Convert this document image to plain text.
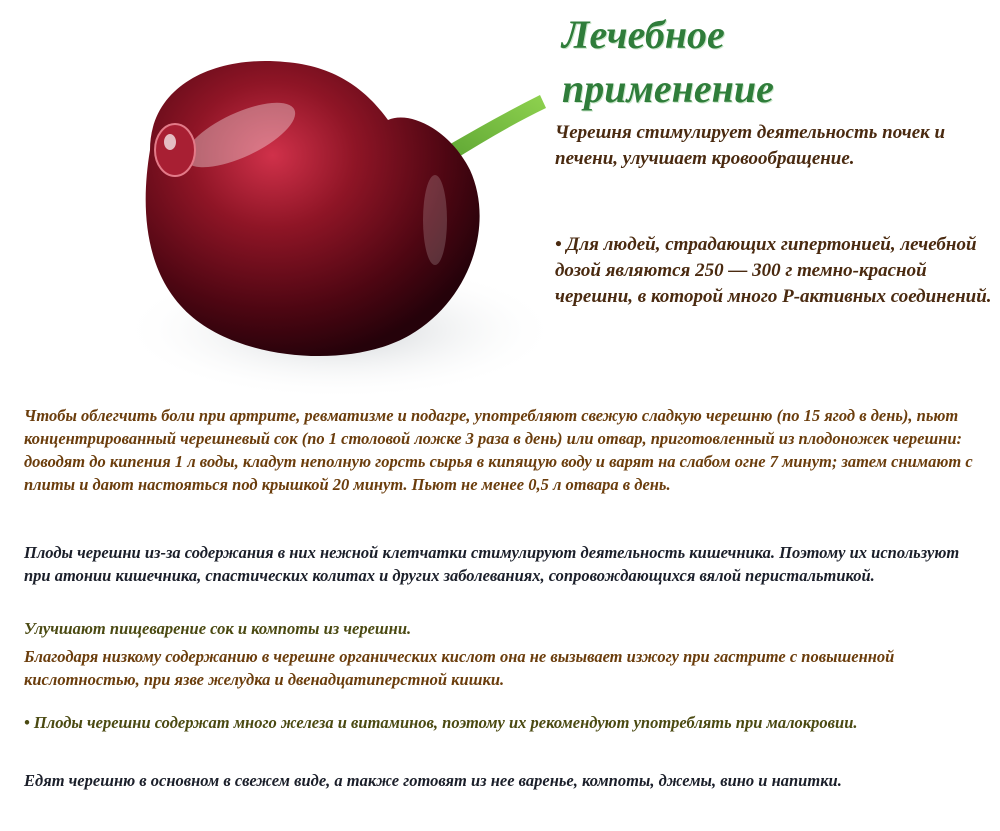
Лечебное
применение

Черешня стимулирует деятельность почек и печени, улучшает кровообращение.

• Для людей, страдающих гипертонией, лечебной дозой являются 250 — 300 г темно-красной черешни, в которой много Р-активных соединений.

Чтобы облегчить боли при артрите, ревматизме и подагре, употребляют свежую сладкую черешню (по 15 ягод в день), пьют концентрированный черешневый сок (по 1 столовой ложке 3 раза в день) или отвар, приготовленный из плодоножек черешни: доводят до кипения 1 л воды, кладут неполную горсть сырья в кипящую воду и варят на слабом огне 7 минут; затем снимают с плиты и дают настояться под крышкой 20 минут. Пьют не менее 0,5 л отвара в день.

Плоды черешни из-за содержания в них нежной клетчатки стимулируют деятельность кишечника. Поэтому их используют при атонии кишечника, спастических колитах и других заболеваниях, сопровождающихся вялой перистальтикой.

Улучшают пищеварение сок и компоты из черешни.

Благодаря низкому содержанию в черешне органических кислот она не вызывает изжогу при гастрите с повышенной кислотностью, при язве желудка и двенадцатиперстной кишки.

• Плоды черешни содержат много железа и витаминов, поэтому их рекомендуют употреблять при малокровии.

Едят черешню в основном в свежем виде, а также готовят из нее варенье, компоты, джемы, вино и напитки.
